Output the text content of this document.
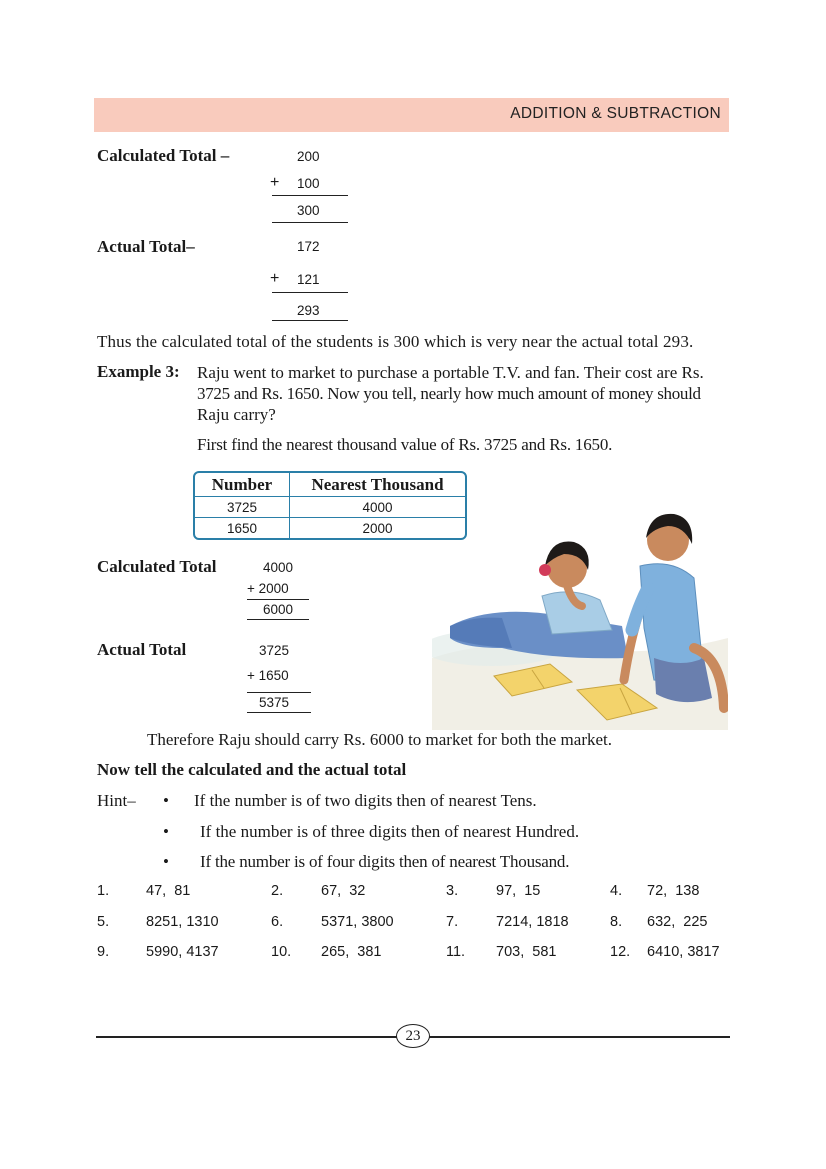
ADDITION & SUBTRACTION
Calculated Total –	200
+ 100
300
Actual Total–	172
+ 121
293
Thus the calculated total of the students is 300 which is very near the actual total 293.
Example 3: Raju went to market to purchase a portable T.V. and fan. Their cost are Rs.
3725 and Rs. 1650. Now you tell, nearly how much amount of money should
Raju carry?
First find the nearest thousand value of Rs. 3725 and Rs. 1650.
Number	Nearest Thousand
3725	4000
1650	2000
Calculated Total	4000
+ 2000
6000
Actual Total	3725
+ 1650
5375
Therefore Raju should carry Rs. 6000 to market for both the market.
Now tell the calculated and the actual total
Hint– • If the number is of two digits then of nearest Tens.
• If the number is of three digits then of nearest Hundred.
• If the number is of four digits then of nearest Thousand.
1.	47,  81	2.	67,  32	3.	97,  15	4. 72,  138
5.	8251, 1310	6.	5371, 3800	7.	7214, 1818	8. 632,  225
9.	5990, 4137	10. 265,  381	11. 703,  581	12. 6410, 3817
23
